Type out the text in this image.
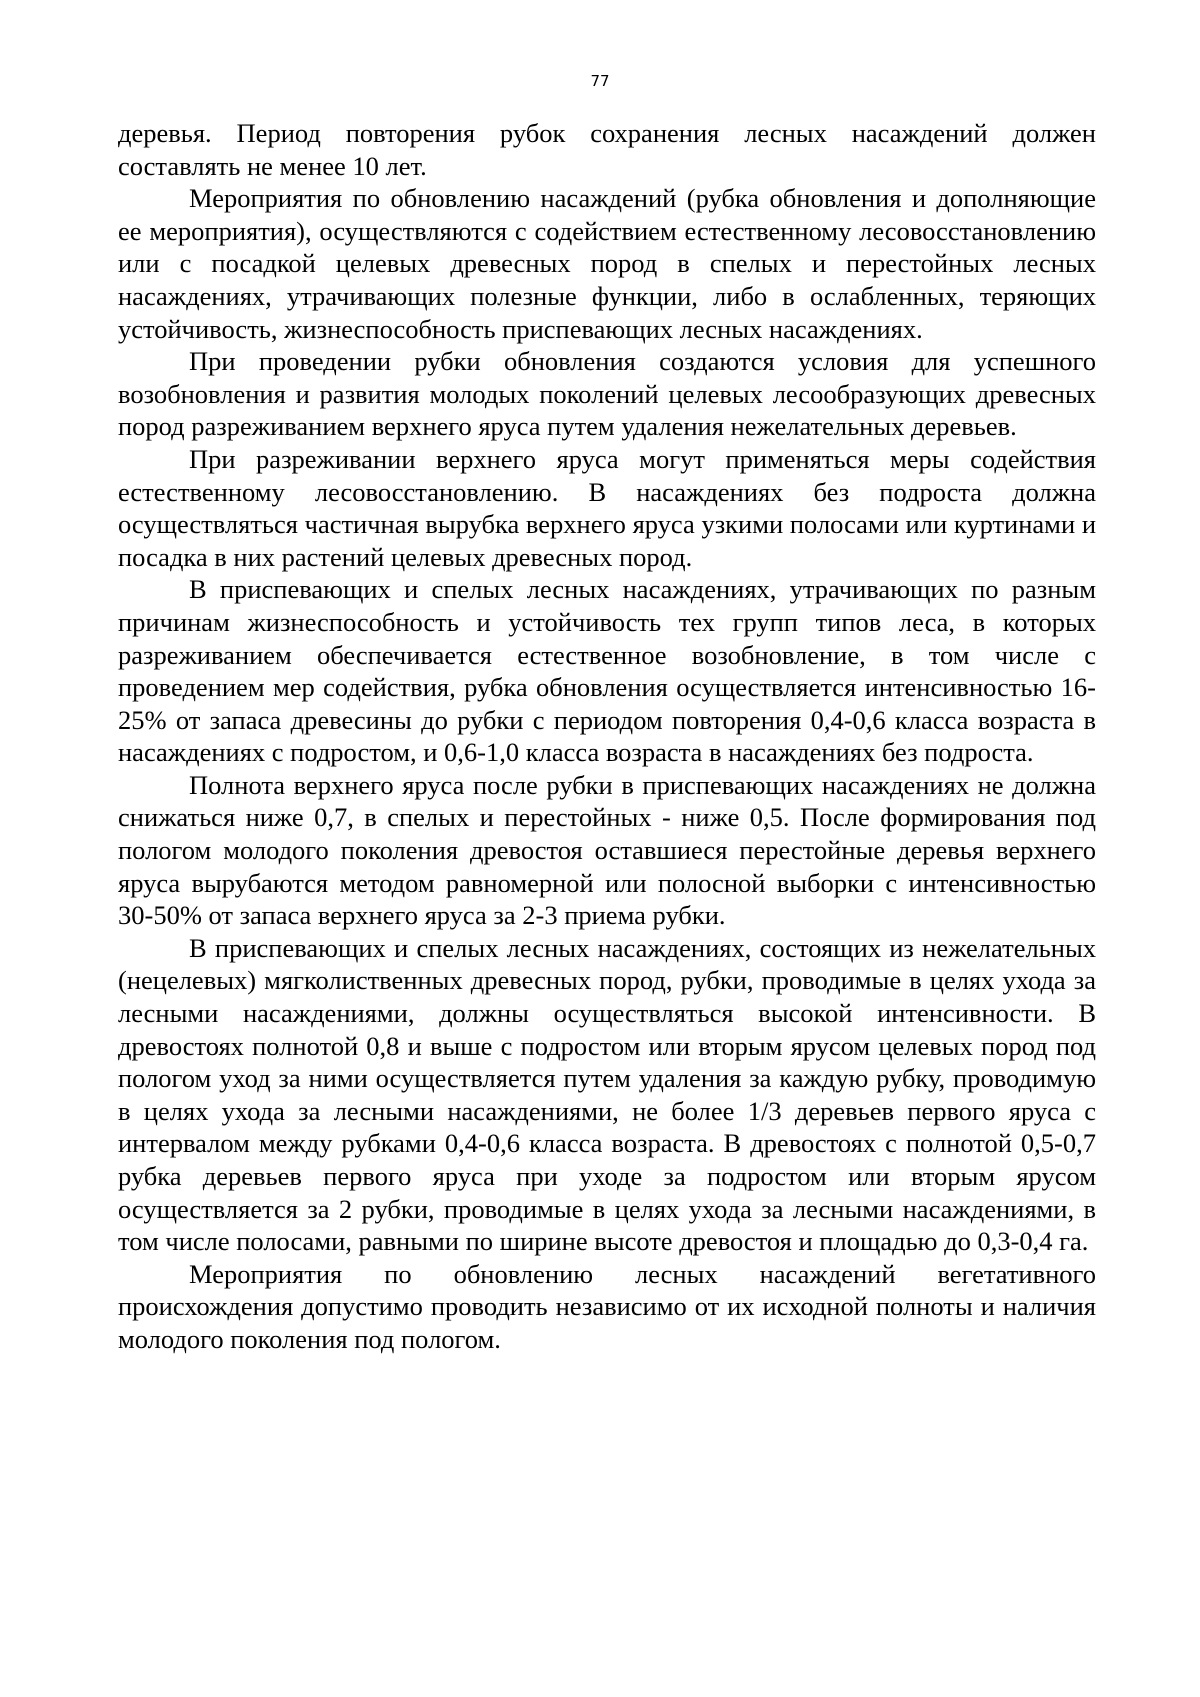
77

деревья. Период повторения рубок сохранения лесных насаждений должен составлять не менее 10 лет.

Мероприятия по обновлению насаждений (рубка обновления и дополняющие ее мероприятия), осуществляются с содействием естественному лесовосстановлению или с посадкой целевых древесных пород в спелых и перестойных лесных насаждениях, утрачивающих полезные функции, либо в ослабленных, теряющих устойчивость, жизнеспособность приспевающих лесных насаждениях.

При проведении рубки обновления создаются условия для успешного возобновления и развития молодых поколений целевых лесообразующих древесных пород разреживанием верхнего яруса путем удаления нежелательных деревьев.

При разреживании верхнего яруса могут применяться меры содействия естественному лесовосстановлению. В насаждениях без подроста должна осуществляться частичная вырубка верхнего яруса узкими полосами или куртинами и посадка в них растений целевых древесных пород.

В приспевающих и спелых лесных насаждениях, утрачивающих по разным причинам жизнеспособность и устойчивость тех групп типов леса, в которых разреживанием обеспечивается естественное возобновление, в том числе с проведением мер содействия, рубка обновления осуществляется интенсивностью 16-25% от запаса древесины до рубки с периодом повторения 0,4-0,6 класса возраста в насаждениях с подростом, и 0,6-1,0 класса возраста в насаждениях без подроста.

Полнота верхнего яруса после рубки в приспевающих насаждениях не должна снижаться ниже 0,7, в спелых и перестойных - ниже 0,5. После формирования под пологом молодого поколения древостоя оставшиеся перестойные деревья верхнего яруса вырубаются методом равномерной или полосной выборки с интенсивностью 30-50% от запаса верхнего яруса за 2-3 приема рубки.

В приспевающих и спелых лесных насаждениях, состоящих из нежелательных (нецелевых) мягколиственных древесных пород, рубки, проводимые в целях ухода за лесными насаждениями, должны осуществляться высокой интенсивности. В древостоях полнотой 0,8 и выше с подростом или вторым ярусом целевых пород под пологом уход за ними осуществляется путем удаления за каждую рубку, проводимую в целях ухода за лесными насаждениями, не более 1/3 деревьев первого яруса с интервалом между рубками 0,4-0,6 класса возраста. В древостоях с полнотой 0,5-0,7 рубка деревьев первого яруса при уходе за подростом или вторым ярусом осуществляется за 2 рубки, проводимые в целях ухода за лесными насаждениями, в том числе полосами, равными по ширине высоте древостоя и площадью до 0,3-0,4 га.

Мероприятия по обновлению лесных насаждений вегетативного происхождения допустимо проводить независимо от их исходной полноты и наличия молодого поколения под пологом.
